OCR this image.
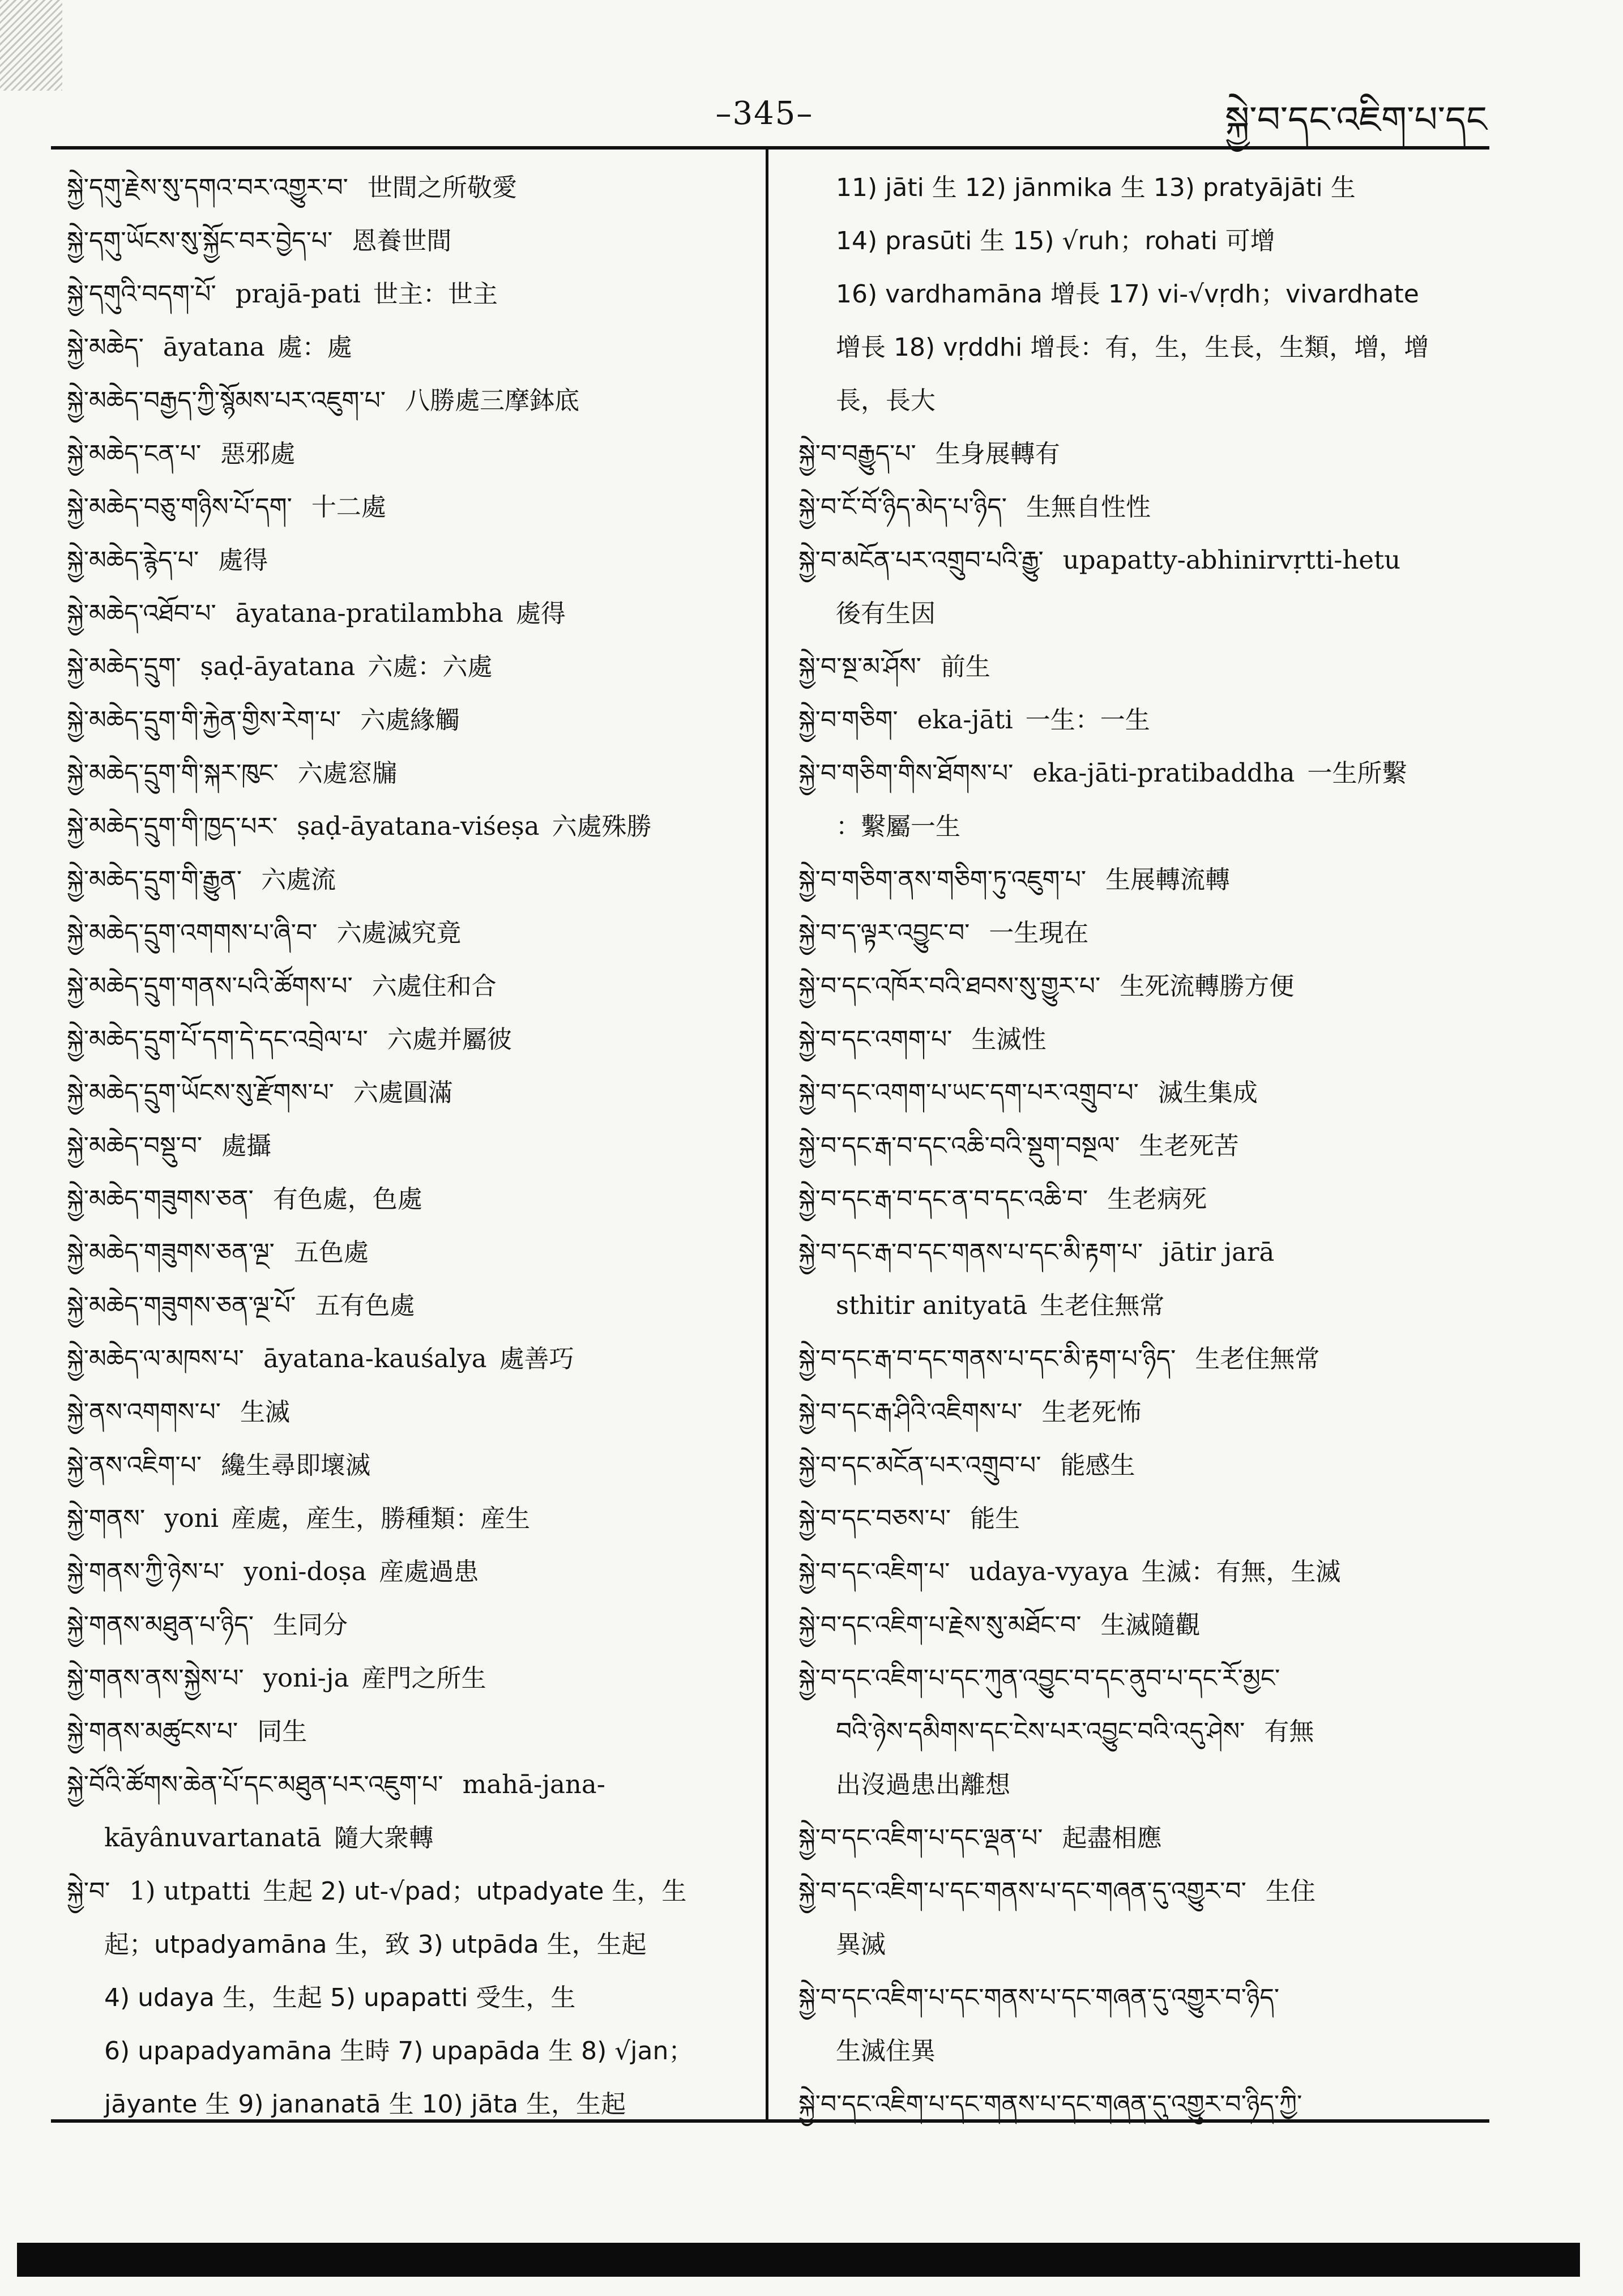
–345–	སྐྱེ་བ་དང་འཇིག་པ་དང
སྐྱེ་དགུ་རྗེས་སུ་དགའ་བར་འགྱུར་བ་ 世間之所敬愛
སྐྱེ་དགུ་ཡོངས་སུ་སྐྱོང་བར་བྱེད་པ་ 恩養世間
སྐྱེ་དགུའི་བདག་པོ་ prajā-pati 世主：世主
སྐྱེ་མཆེད་ āyatana 處：處
སྐྱེ་མཆེད་བརྒྱད་ཀྱི་སྙོམས་པར་འཇུག་པ་ 八勝處三摩鉢底
སྐྱེ་མཆེད་ངན་པ་ 惡邪處
སྐྱེ་མཆེད་བཅུ་གཉིས་པོ་དག་ 十二處
སྐྱེ་མཆེད་རྙེད་པ་ 處得
སྐྱེ་མཆེད་འཐོབ་པ་ āyatana-pratilambha 處得
སྐྱེ་མཆེད་དྲུག་ ṣaḍ-āyatana 六處：六處
སྐྱེ་མཆེད་དྲུག་གི་རྐྱེན་གྱིས་རེག་པ་ 六處緣觸
སྐྱེ་མཆེད་དྲུག་གི་སྐར་ཁུང་ 六處窓牖
སྐྱེ་མཆེད་དྲུག་གི་ཁྱད་པར་ ṣaḍ-āyatana-viśeṣa 六處殊勝
སྐྱེ་མཆེད་དྲུག་གི་རྒྱུན་ 六處流
སྐྱེ་མཆེད་དྲུག་འགགས་པ་ཞི་བ་ 六處滅究竟
སྐྱེ་མཆེད་དྲུག་གནས་པའི་ཚོགས་པ་ 六處住和合
སྐྱེ་མཆེད་དྲུག་པོ་དག་དེ་དང་འབྲེལ་པ་ 六處并屬彼
སྐྱེ་མཆེད་དྲུག་ཡོངས་སུ་རྫོགས་པ་ 六處圓滿
སྐྱེ་མཆེད་བསྡུ་བ་ 處攝
སྐྱེ་མཆེད་གཟུགས་ཅན་ 有色處，色處
སྐྱེ་མཆེད་གཟུགས་ཅན་ལྔ་ 五色處
སྐྱེ་མཆེད་གཟུགས་ཅན་ལྔ་པོ་ 五有色處
སྐྱེ་མཆེད་ལ་མཁས་པ་ āyatana-kauśalya 處善巧
སྐྱེ་ནས་འགགས་པ་ 生滅
སྐྱེ་ནས་འཇིག་པ་ 纔生尋即壞滅
སྐྱེ་གནས་ yoni 産處，産生，勝種類：産生
སྐྱེ་གནས་ཀྱི་ཉེས་པ་ yoni-doṣa 産處過患
སྐྱེ་གནས་མཐུན་པ་ཉིད་ 生同分
སྐྱེ་གནས་ནས་སྐྱེས་པ་ yoni-ja 産門之所生
སྐྱེ་གནས་མཚུངས་པ་ 同生
སྐྱེ་བོའི་ཚོགས་ཆེན་པོ་དང་མཐུན་པར་འཇུག་པ་ mahā-jana-
kāyânuvartanatā 隨大衆轉
སྐྱེ་བ་ 1) utpatti 生起 2) ut-√pad；utpadyate 生，生
起；utpadyamāna 生，致 3) utpāda 生，生起
4) udaya 生，生起 5) upapatti 受生，生
6) upapadyamāna 生時 7) upapāda 生 8) √jan；
jāyante 生 9) jananatā 生 10) jāta 生，生起
11) jāti 生 12) jānmika 生 13) pratyājāti 生
14) prasūti 生 15) √ruh；rohati 可增
16) vardhamāna 增長 17) vi-√vṛdh；vivardhate
增長 18) vṛddhi 增長：有，生，生長，生類，增，增
長，長大
སྐྱེ་བ་བརྒྱུད་པ་ 生身展轉有
སྐྱེ་བ་ངོ་བོ་ཉིད་མེད་པ་ཉིད་ 生無自性性
སྐྱེ་བ་མངོན་པར་འགྲུབ་པའི་རྒྱུ་ upapatty-abhinirvṛtti-hetu
後有生因
སྐྱེ་བ་སྔ་མ་ཤོས་ 前生
སྐྱེ་བ་གཅིག་ eka-jāti 一生：一生
སྐྱེ་བ་གཅིག་གིས་ཐོགས་པ་ eka-jāti-pratibaddha 一生所繫
：繫屬一生
སྐྱེ་བ་གཅིག་ནས་གཅིག་ཏུ་འཇུག་པ་ 生展轉流轉
སྐྱེ་བ་ད་ལྟར་འབྱུང་བ་ 一生現在
སྐྱེ་བ་དང་འཁོར་བའི་ཐབས་སུ་གྱུར་པ་ 生死流轉勝方便
སྐྱེ་བ་དང་འགག་པ་ 生滅性
སྐྱེ་བ་དང་འགག་པ་ཡང་དག་པར་འགྲུབ་པ་ 滅生集成
སྐྱེ་བ་དང་རྒ་བ་དང་འཆི་བའི་སྡུག་བསྔལ་ 生老死苦
སྐྱེ་བ་དང་རྒ་བ་དང་ན་བ་དང་འཆི་བ་ 生老病死
སྐྱེ་བ་དང་རྒ་བ་དང་གནས་པ་དང་མི་རྟག་པ་ jātir jarā
sthitir anityatā 生老住無常
སྐྱེ་བ་དང་རྒ་བ་དང་གནས་པ་དང་མི་རྟག་པ་ཉིད་ 生老住無常
སྐྱེ་བ་དང་རྒ་ཤིའི་འཇིགས་པ་ 生老死怖
སྐྱེ་བ་དང་མངོན་པར་འགྲུབ་པ་ 能感生
སྐྱེ་བ་དང་བཅས་པ་ 能生
སྐྱེ་བ་དང་འཇིག་པ་ udaya-vyaya 生滅：有無，生滅
སྐྱེ་བ་དང་འཇིག་པ་རྗེས་སུ་མཐོང་བ་ 生滅隨觀
སྐྱེ་བ་དང་འཇིག་པ་དང་ཀུན་འབྱུང་བ་དང་ནུབ་པ་དང་རོ་མྱང་
བའི་ཉེས་དམིགས་དང་ངེས་པར་འབྱུང་བའི་འདུ་ཤེས་ 有無
出沒過患出離想
སྐྱེ་བ་དང་འཇིག་པ་དང་ལྡན་པ་ 起盡相應
སྐྱེ་བ་དང་འཇིག་པ་དང་གནས་པ་དང་གཞན་དུ་འགྱུར་བ་ 生住
異滅
སྐྱེ་བ་དང་འཇིག་པ་དང་གནས་པ་དང་གཞན་དུ་འགྱུར་བ་ཉིད་
生滅住異
སྐྱེ་བ་དང་འཇིག་པ་དང་གནས་པ་དང་གཞན་དུ་འགྱུར་བ་ཉིད་ཀྱི་
